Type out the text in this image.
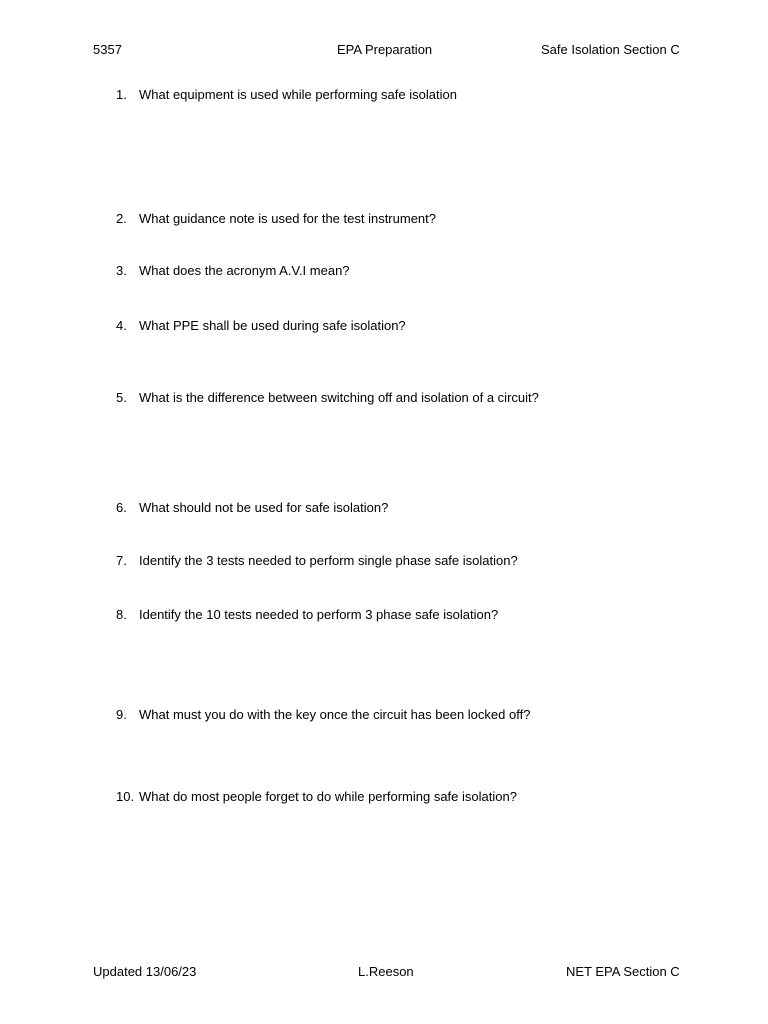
5357	EPA Preparation	Safe Isolation Section C
1. What equipment is used while performing safe isolation
2. What guidance note is used for the test instrument?
3. What does the acronym A.V.I mean?
4. What PPE shall be used during safe isolation?
5. What is the difference between switching off and isolation of a circuit?
6. What should not be used for safe isolation?
7. Identify the 3 tests needed to perform single phase safe isolation?
8. Identify the 10 tests needed to perform 3 phase safe isolation?
9. What must you do with the key once the circuit has been locked off?
10. What do most people forget to do while performing safe isolation?
Updated 13/06/23	L.Reeson	NET EPA Section C
